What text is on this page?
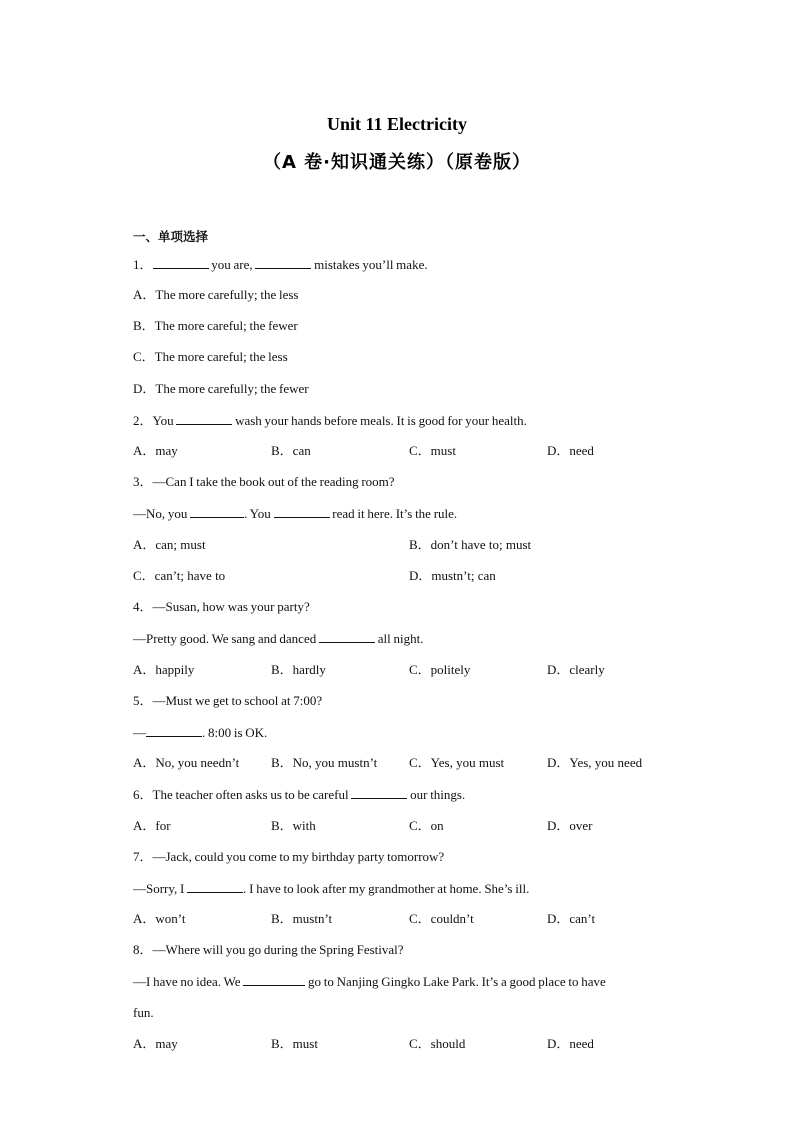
Unit 11 Electricity
（A 卷·知识通关练）（原卷版）
一、单项选择
1．	you are,	mistakes you’ll make.
A．The more carefully; the less
B．The more careful; the fewer
C．The more careful; the less
D．The more carefully; the fewer
2．You	wash your hands before meals. It is good for your health.
A．may	B．can	C．must	D．need
3．—Can I take the book out of the reading room?
—No, you	. You	read it here. It’s the rule.
A．can; must	B．don’t have to; must
C．can’t; have to	D．mustn’t; can
4．—Susan, how was your party?
—Pretty good. We sang and danced	all night.
A．happily	B．hardly	C．politely	D．clearly
5．—Must we get to school at 7:00?
—	. 8:00 is OK.
A．No, you needn’t B．No, you mustn’t C．Yes, you must	D．Yes, you need
6．The teacher often asks us to be careful	our things.
A．for	B．with	C．on	D．over
7．—Jack, could you come to my birthday party tomorrow?
—Sorry, I	. I have to look after my grandmother at home. She’s ill.
A．won’t	B．mustn’t	C．couldn’t	D．can’t
8．—Where will you go during the Spring Festival?
—I have no idea. We	go to Nanjing Gingko Lake Park. It’s a good place to have
fun.
A．may	B．must	C．should	D．need
